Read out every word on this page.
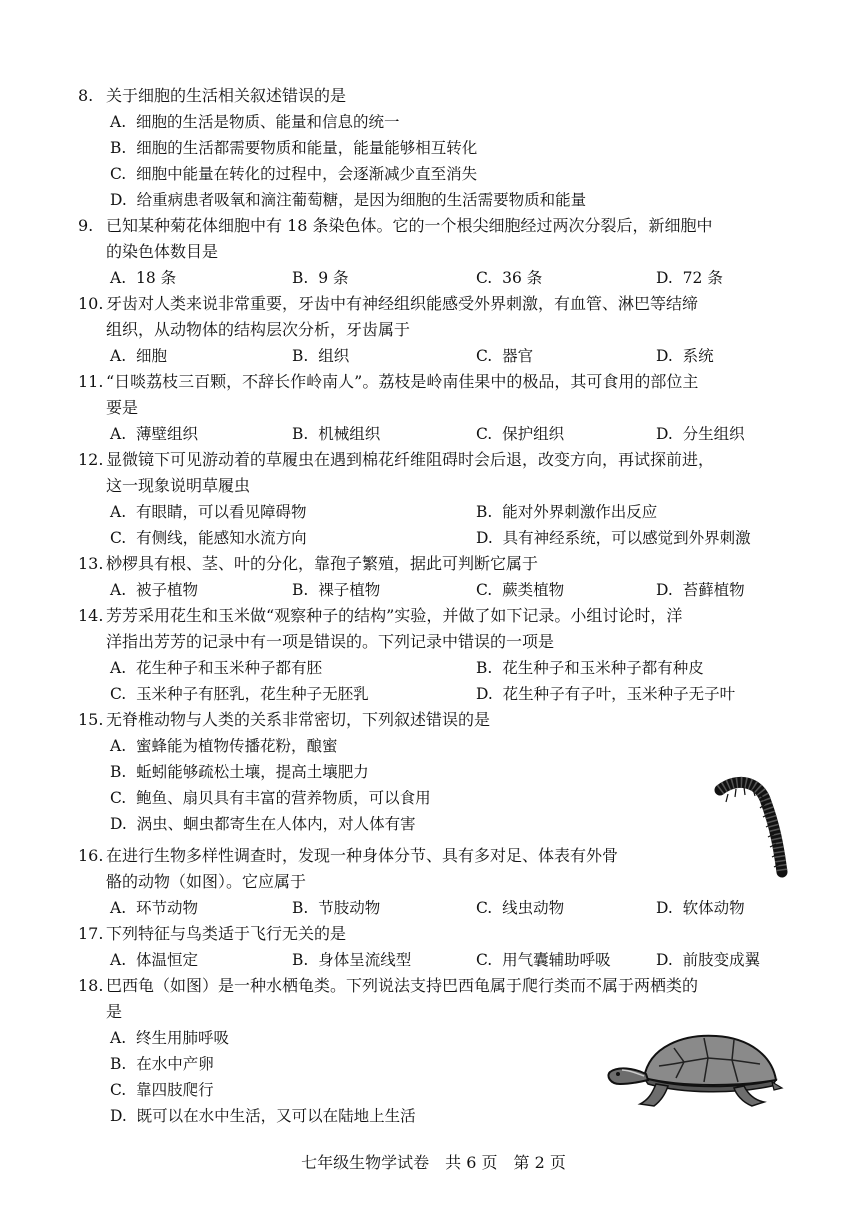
8. 关于细胞的生活相关叙述错误的是
A. 细胞的生活是物质、能量和信息的统一
B. 细胞的生活都需要物质和能量，能量能够相互转化
C. 细胞中能量在转化的过程中，会逐渐减少直至消失
D. 给重病患者吸氧和滴注葡萄糖，是因为细胞的生活需要物质和能量
9. 已知某种菊花体细胞中有 18 条染色体。它的一个根尖细胞经过两次分裂后，新细胞中
的染色体数目是
A. 18 条	B. 9 条	C. 36 条	D. 72 条
10. 牙齿对人类来说非常重要，牙齿中有神经组织能感受外界刺激，有血管、淋巴等结缔
组织，从动物体的结构层次分析，牙齿属于
A. 细胞	B. 组织	C. 器官	D. 系统
11. “日啖荔枝三百颗，不辞长作岭南人”。荔枝是岭南佳果中的极品，其可食用的部位主
要是
A. 薄壁组织	B. 机械组织	C. 保护组织	D. 分生组织
12. 显微镜下可见游动着的草履虫在遇到棉花纤维阻碍时会后退，改变方向，再试探前进，
这一现象说明草履虫
A. 有眼睛，可以看见障碍物	B. 能对外界刺激作出反应
C. 有侧线，能感知水流方向	D. 具有神经系统，可以感觉到外界刺激
13. 桫椤具有根、茎、叶的分化，靠孢子繁殖，据此可判断它属于
A. 被子植物	B. 裸子植物	C. 蕨类植物	D. 苔藓植物
14. 芳芳采用花生和玉米做“观察种子的结构”实验，并做了如下记录。小组讨论时，洋
洋指出芳芳的记录中有一项是错误的。下列记录中错误的一项是
A. 花生种子和玉米种子都有胚	B. 花生种子和玉米种子都有种皮
C. 玉米种子有胚乳，花生种子无胚乳	D. 花生种子有子叶，玉米种子无子叶
15. 无脊椎动物与人类的关系非常密切，下列叙述错误的是
A. 蜜蜂能为植物传播花粉，酿蜜
B. 蚯蚓能够疏松土壤，提高土壤肥力
C. 鲍鱼、扇贝具有丰富的营养物质，可以食用
D. 涡虫、蛔虫都寄生在人体内，对人体有害
16. 在进行生物多样性调查时，发现一种身体分节、具有多对足、体表有外骨
骼的动物（如图）。它应属于
A. 环节动物	B. 节肢动物	C. 线虫动物	D. 软体动物
17. 下列特征与鸟类适于飞行无关的是
A. 体温恒定	B. 身体呈流线型	C. 用气囊辅助呼吸	D. 前肢变成翼
18. 巴西龟（如图）是一种水栖龟类。下列说法支持巴西龟属于爬行类而不属于两栖类的
是
A. 终生用肺呼吸
B. 在水中产卵
C. 靠四肢爬行
D. 既可以在水中生活，又可以在陆地上生活
七年级生物学试卷　共 6 页　第 2 页
